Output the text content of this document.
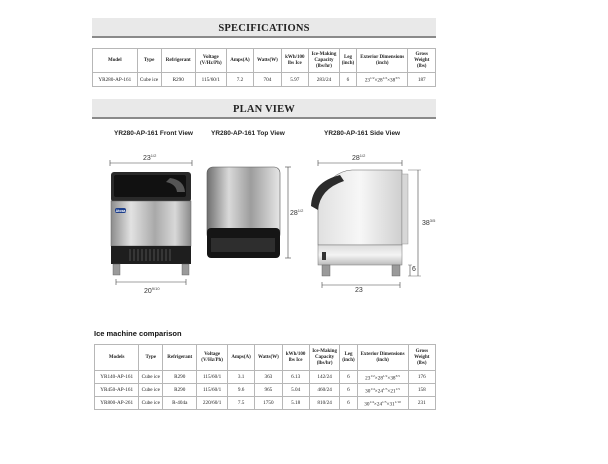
SPECIFICATIONS
Model	Type	Refrigerant	Voltage (V/Hz/Ph)	Amps(A)	Watts(W)	kWh/100 lbs Ice	Ice-Making Capacity (lbs/hr)	Leg (inch)	Exterior Dimensions (inch)	Gross Weight (lbs)
YR280-AP-161	Cube ice	R290	115/60/1	7.2	704	5.97	283/24	6	$23^{1/2}\times 28^{1/2}\times 38^{3/5}$	187
PLAN VIEW
YR280-AP-161 Front View	YR280-AP-161 Top View	YR280-AP-161 Side View
Atosa
$23^{1/2}$
$20^{9/10}$
$28^{1/2}$
$28^{1/2}$
$38^{3/5}$
6
23
Ice machine comparison
Models	Type	Refrigerant	Voltage (V/Hz/Ph)	Amps(A)	Watts(W)	kWh/100 lbs Ice	Ice-Making Capacity (lbs/hr)	Leg (inch)	Exterior Dimensions (inch)	Gross Weight (lbs)
YR140-AP-161	Cube ice	R290	115/60/1	3.1	363	6.13	142/24	6	$23^{1/2}\times 28^{1/2}\times 38^{3/5}$	176
YR450-AP-161	Cube ice	R290	115/60/1	9.6	965	5.04	460/24	6	$30^{1/4}\times 24^{1/5}\times 21^{1/5}$	158
YR800-AP-261	Cube ice	R-404a	220/60/1	7.5	1750	5.18	810/24	6	$30^{1/4}\times 24^{1/5}\times 31^{1/10}$	231
